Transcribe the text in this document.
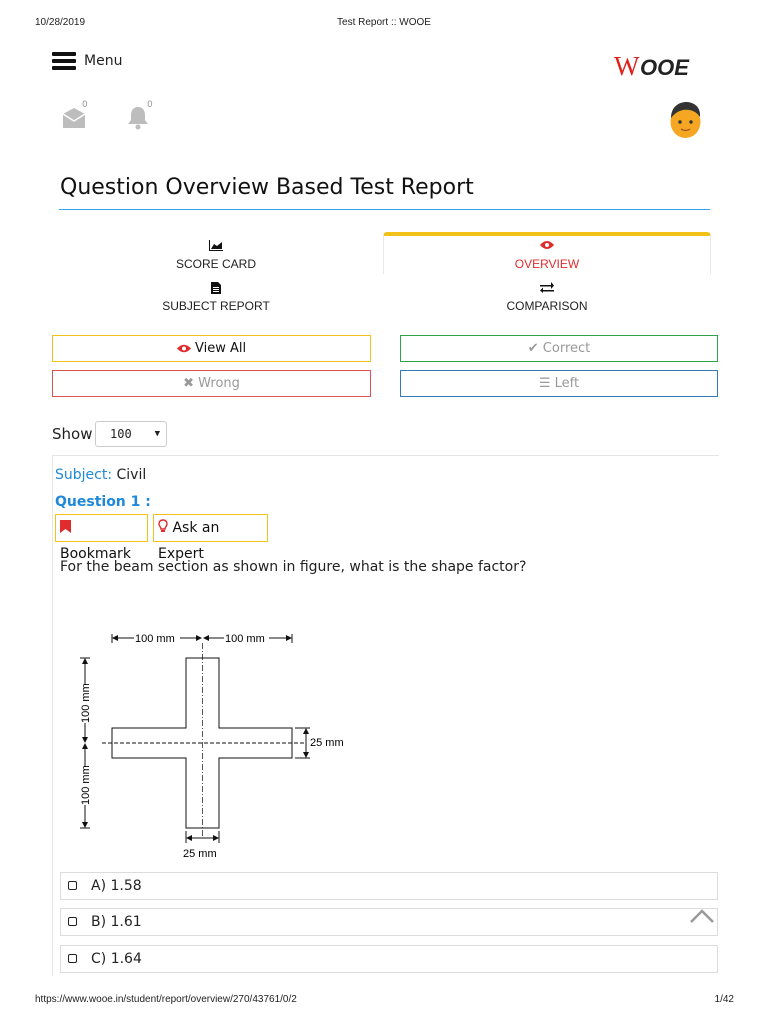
10/28/2019	Test Report :: WOOE
Menu	W OOE
0	0
Question Overview Based Test Report
SCORE CARD	OVERVIEW
SUBJECT REPORT	COMPARISON
View All	✔ Correct
✖ Wrong	☰ Left
Show	100	▼
Subject: Civil
Question 1 :
Bookmark
Ask an Expert
For the beam section as shown in figure, what is the shape factor?
100 mm	100 mm
100 mm
100 mm
25 mm
25 mm
A) 1.58
B) 1.61
C) 1.64
https://www.wooe.in/student/report/overview/270/43761/0/2	1/42
